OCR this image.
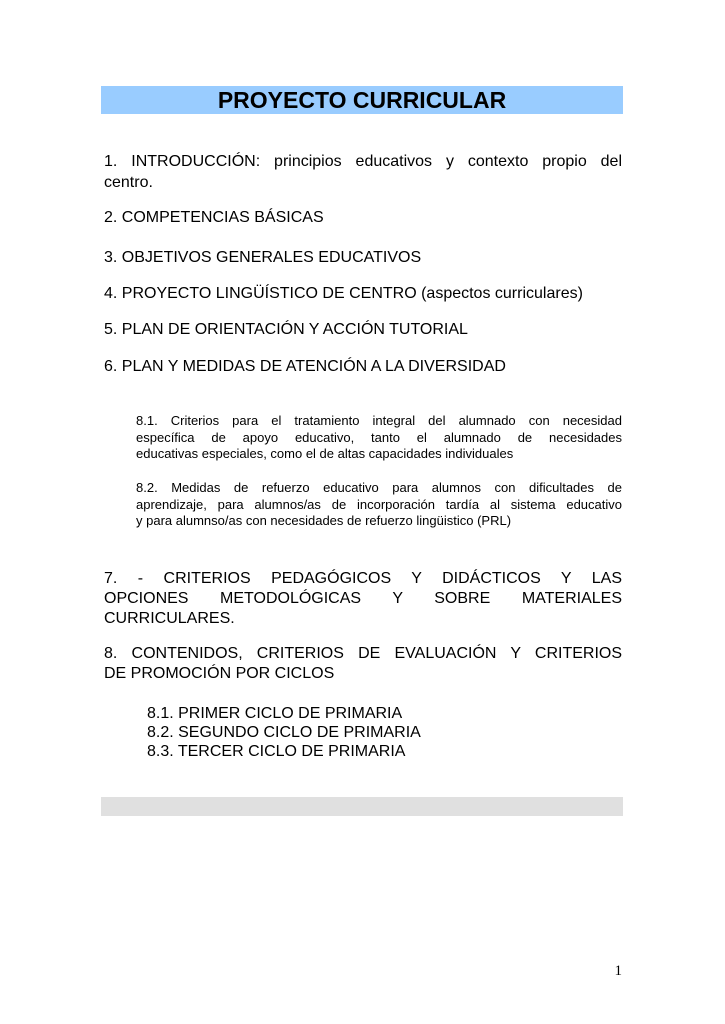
PROYECTO CURRICULAR
1. INTRODUCCIÓN: principios educativos y contexto propio del
centro.
2. COMPETENCIAS BÁSICAS
3. OBJETIVOS GENERALES EDUCATIVOS
4. PROYECTO LINGÜÍSTICO DE CENTRO (aspectos curriculares)
5. PLAN DE ORIENTACIÓN Y ACCIÓN TUTORIAL
6. PLAN Y MEDIDAS DE ATENCIÓN A LA DIVERSIDAD
8.1. Criterios para el tratamiento integral del alumnado con necesidad
específica de apoyo educativo, tanto el alumnado de necesidades
educativas especiales, como el de altas capacidades individuales
8.2. Medidas de refuerzo educativo para alumnos con dificultades de
aprendizaje, para alumnos/as de incorporación tardía al sistema educativo
y para alumnso/as con necesidades de refuerzo lingüistico (PRL)
7. - CRITERIOS PEDAGÓGICOS Y DIDÁCTICOS Y LAS
OPCIONES METODOLÓGICAS Y SOBRE MATERIALES
CURRICULARES.
8. CONTENIDOS, CRITERIOS DE EVALUACIÓN Y CRITERIOS
DE PROMOCIÓN POR CICLOS
8.1. PRIMER CICLO DE PRIMARIA
8.2. SEGUNDO CICLO DE PRIMARIA
8.3. TERCER CICLO DE PRIMARIA
1
